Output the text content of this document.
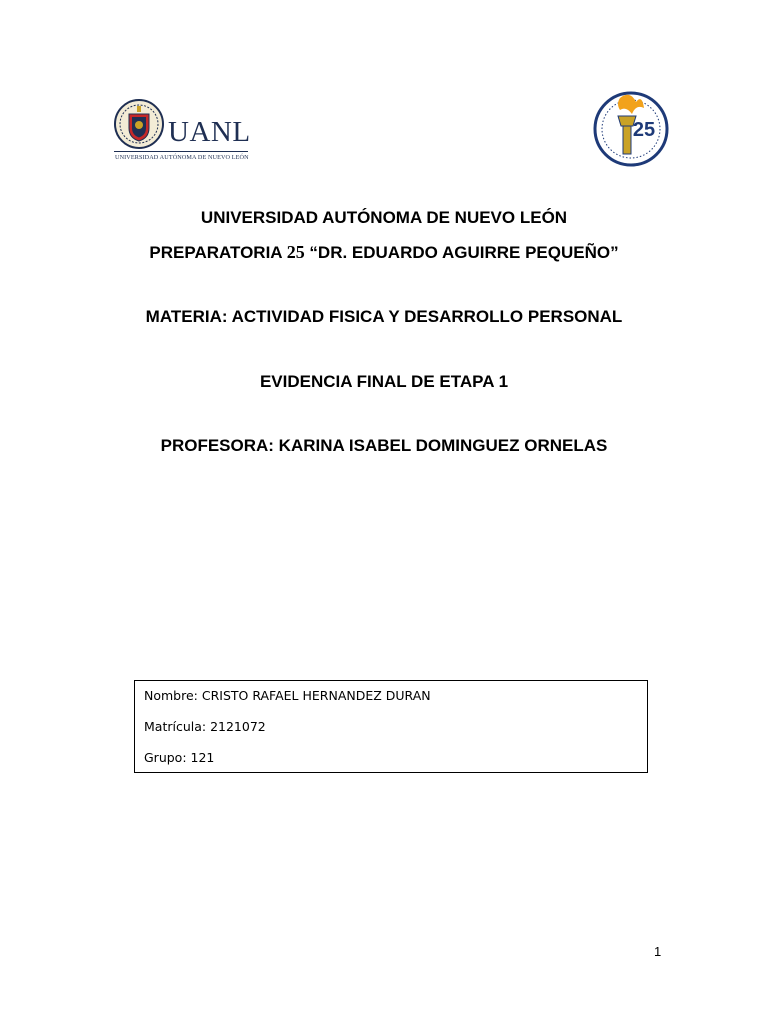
UANL
UNIVERSIDAD AUTÓNOMA DE NUEVO LEÓN
25
UNIVERSIDAD AUTÓNOMA DE NUEVO LEÓN
PREPARATORIA 25 “DR. EDUARDO AGUIRRE PEQUEÑO”
MATERIA: ACTIVIDAD FISICA Y DESARROLLO PERSONAL
EVIDENCIA FINAL DE ETAPA 1
PROFESORA: KARINA ISABEL DOMINGUEZ ORNELAS
Nombre: CRISTO RAFAEL HERNANDEZ DURAN
Matrícula: 2121072
Grupo: 121
1
